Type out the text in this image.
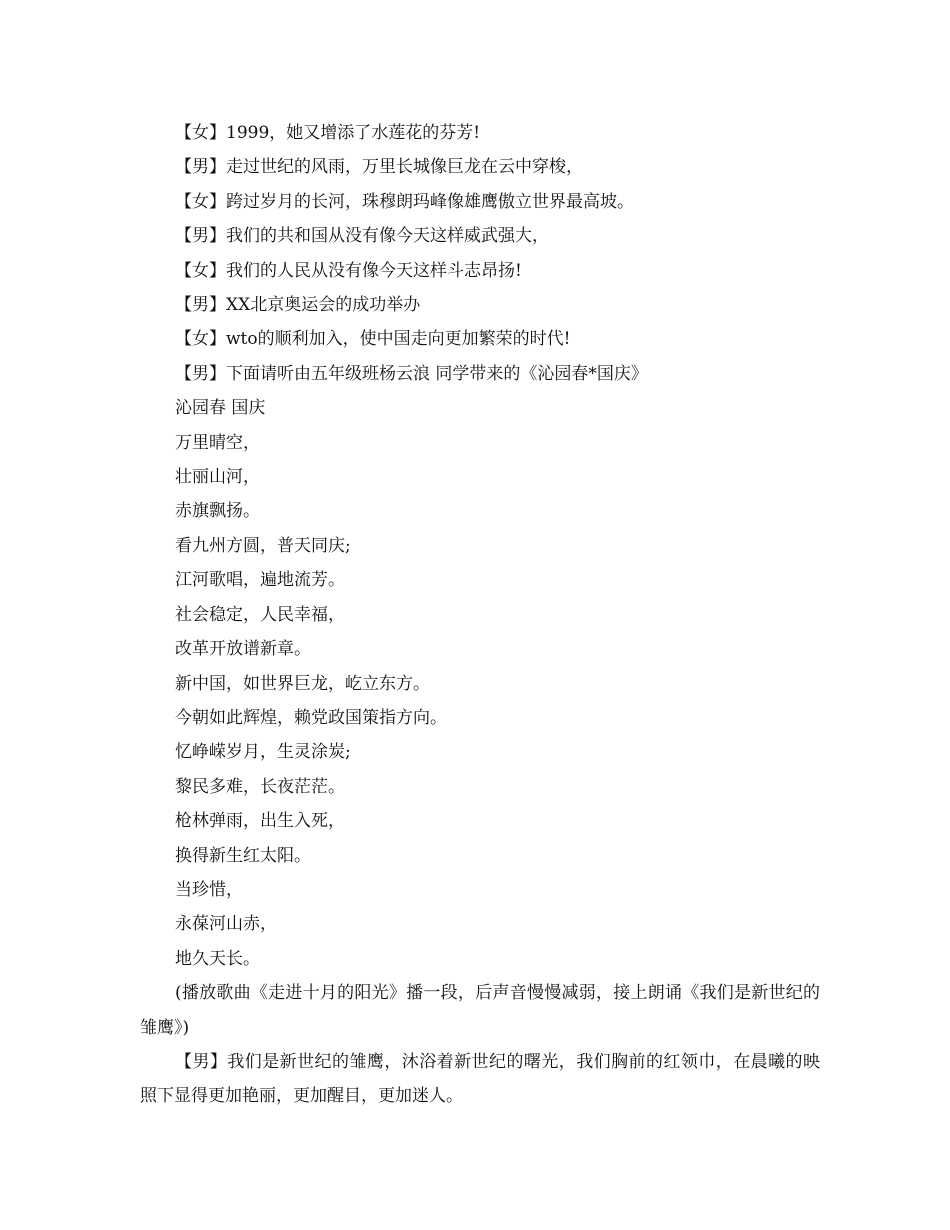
【女】1999，她又增添了水莲花的芬芳!

【男】走过世纪的风雨，万里长城像巨龙在云中穿梭，

【女】跨过岁月的长河，珠穆朗玛峰像雄鹰傲立世界最高坡。

【男】我们的共和国从没有像今天这样威武强大，

【女】我们的人民从没有像今天这样斗志昂扬!

【男】XX北京奥运会的成功举办

【女】wto的顺利加入，使中国走向更加繁荣的时代!

【男】下面请听由五年级班杨云浪 同学带来的《沁园春*国庆》

沁园春 国庆

万里晴空，

壮丽山河，

赤旗飘扬。

看九州方圆，普天同庆;

江河歌唱，遍地流芳。

社会稳定，人民幸福，

改革开放谱新章。

新中国，如世界巨龙，屹立东方。

今朝如此辉煌，赖党政国策指方向。

忆峥嵘岁月，生灵涂炭;

黎民多难，长夜茫茫。

枪林弹雨，出生入死，

换得新生红太阳。

当珍惜，

永葆河山赤，

地久天长。

(播放歌曲《走进十月的阳光》播一段，后声音慢慢减弱，接上朗诵《我们是新世纪的雏鹰》)

【男】我们是新世纪的雏鹰，沐浴着新世纪的曙光，我们胸前的红领巾，在晨曦的映照下显得更加艳丽，更加醒目，更加迷人。
